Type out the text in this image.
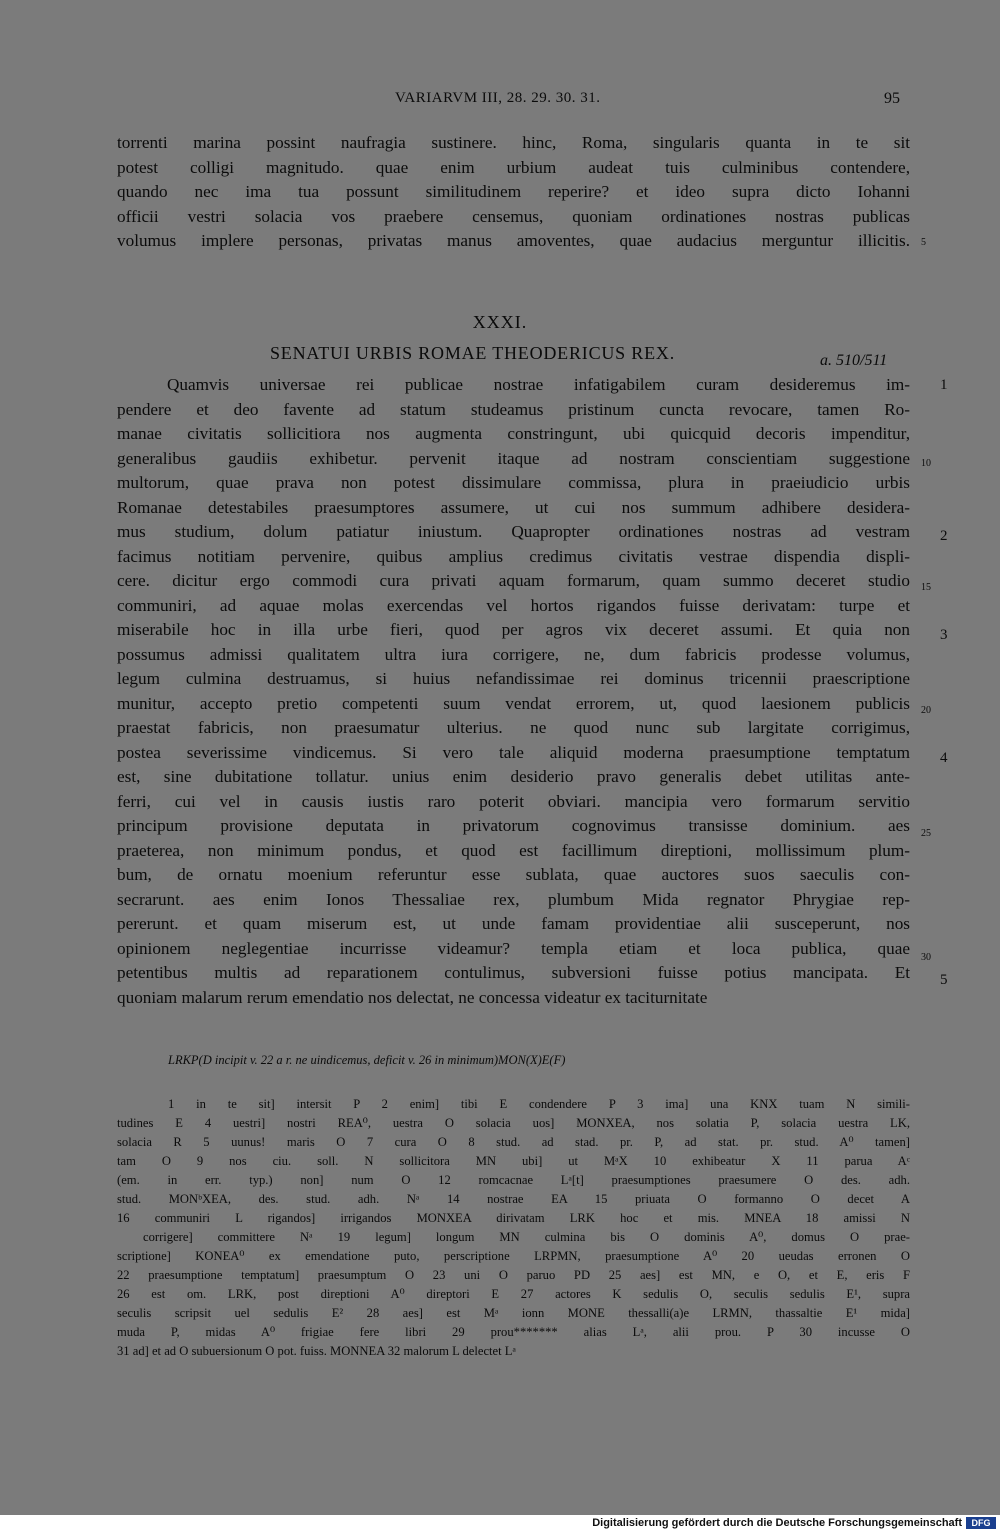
VARIARVM III, 28. 29. 30. 31.	95
torrenti marina possint naufragia sustinere. hinc, Roma, singularis quanta in te sit
potest colligi magnitudo. quae enim urbium audeat tuis culminibus contendere,
quando nec ima tua possunt similitudinem reperire? et ideo supra dicto Iohanni
officii vestri solacia vos praebere censemus, quoniam ordinationes nostras publicas
volumus implere personas, privatas manus amoventes, quae audacius merguntur illicitis. 5
XXXI.
SENATUI URBIS ROMAE THEODERICUS REX.	a. 510/511
Quamvis universae rei publicae nostrae infatigabilem curam desideremus im-
pendere et deo favente ad statum studeamus pristinum cuncta revocare, tamen Ro-
manae civitatis sollicitiora nos augmenta constringunt, ubi quicquid decoris impenditur,
generalibus gaudiis exhibetur. pervenit itaque ad nostram conscientiam suggestione
multorum, quae prava non potest dissimulare commissa, plura in praeiudicio urbis
Romanae detestabiles praesumptores assumere, ut cui nos summum adhibere desidera-
mus studium, dolum patiatur iniustum. Quapropter ordinationes nostras ad vestram
facimus notitiam pervenire, quibus amplius credimus civitatis vestrae dispendia displi-
cere. dicitur ergo commodi cura privati aquam formarum, quam summo deceret studio
communiri, ad aquae molas exercendas vel hortos rigandos fuisse derivatam: turpe et
miserabile hoc in illa urbe fieri, quod per agros vix deceret assumi. Et quia non
possumus admissi qualitatem ultra iura corrigere, ne, dum fabricis prodesse volumus,
legum culmina destruamus, si huius nefandissimae rei dominus tricennii praescriptione
munitur, accepto pretio competenti suum vendat errorem, ut, quod laesionem publicis
praestat fabricis, non praesumatur ulterius. ne quod nunc sub largitate corrigimus,
postea severissime vindicemus. Si vero tale aliquid moderna praesumptione temptatum
est, sine dubitatione tollatur. unius enim desiderio pravo generalis debet utilitas ante-
ferri, cui vel in causis iustis raro poterit obviari. mancipia vero formarum servitio
principum provisione deputata in privatorum cognovimus transisse dominium. aes
praeterea, non minimum pondus, et quod est facillimum direptioni, mollissimum plum-
bum, de ornatu moenium referuntur esse sublata, quae auctores suos saeculis con-
secrarunt. aes enim Ionos Thessaliae rex, plumbum Mida regnator Phrygiae rep-
pererunt. et quam miserum est, ut unde famam providentiae alii susceperunt, nos
opinionem neglegentiae incurrisse videamur? templa etiam et loca publica, quae
petentibus multis ad reparationem contulimus, subversioni fuisse potius mancipata. Et
quoniam malarum rerum emendatio nos delectat, ne concessa videatur ex taciturnitate
10
15
20
25
30
1
2
3
4
5
LRKP(D incipit v. 22 a r. ne uindicemus, deficit v. 26 in minimum)MON(X)E(F)
1 in te sit] intersit P 2 enim] tibi E condendere P 3 ima] una KNX tuam N simili-
tudines E 4 uestri] nostri REA⁰, uestra O solacia uos] MONXEA, nos solatia P, solacia uestra LK,
solacia R 5 uunus! maris O 7 cura O 8 stud. ad stad. pr. P, ad stat. pr. stud. A⁰ tamen]
tam O 9 nos ciu. soll. N sollicitora MN ubi] ut MᵃX 10 exhibeatur X 11 parua Aᶜ
(em. in err. typ.) non] num O 12 romcacnae Lᵃ[t] praesumptiones praesumere O des. adh.
stud. MONᵇXEA, des. stud. adh. Nᵃ 14 nostrae EA 15 priuata O formanno O decet A
16 communiri L rigandos] irrigandos MONXEA dirivatam LRK hoc et mis. MNEA 18 amissi N
corrigere] committere Nᵃ 19 legum] longum MN culmina bis O dominis A⁰, domus O prae-
scriptione] KONEA⁰ ex emendatione puto, perscriptione LRPMN, praesumptione A⁰ 20 ueudas erronen O
22 praesumptione temptatum] praesumptum O 23 uni O paruo PD 25 aes] est MN, e O, et E, eris F
26 est om. LRK, post direptioni A⁰ direptori E 27 actores K sedulis O, seculis sedulis E¹, supra
seculis scripsit uel sedulis E² 28 aes] est Mᵃ ionn MONE thessalli(a)e LRMN, thassaltie E¹ mida]
muda P, midas A⁰ frigiae fere libri 29 prou******* alias Lᵃ, alii prou. P 30 incusse O
31 ad] et ad O subuersionum O pot. fuiss. MONNEA 32 malorum L delectet Lᵃ
Digitalisierung gefördert durch die Deutsche Forschungsgemeinschaft	DFG
